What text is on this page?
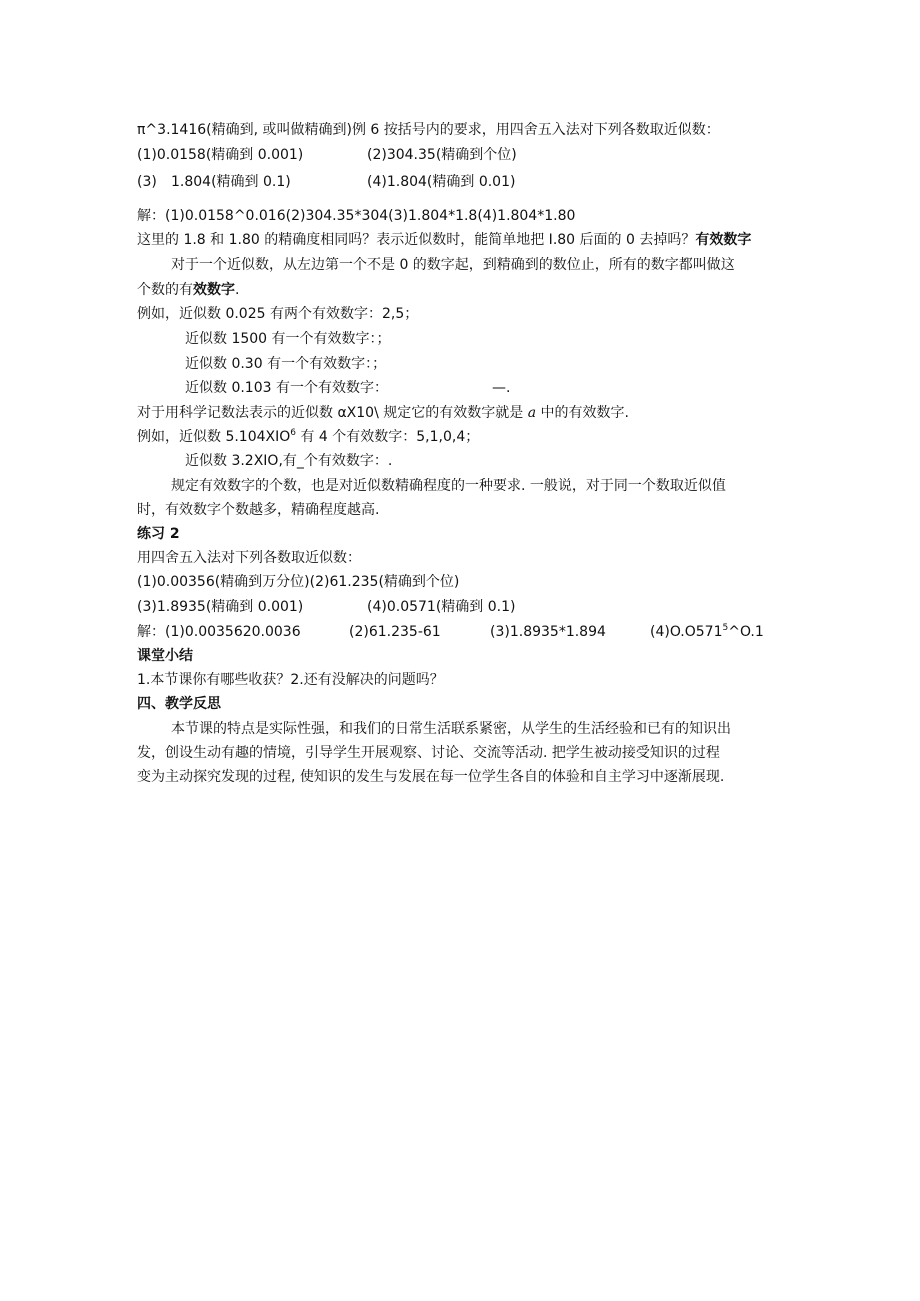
π^3.1416(精确到, 或叫做精确到)例 6 按括号内的要求，用四舍五入法对下列各数取近似数：
(1)0.0158(精确到 0.001)	(2)304.35(精确到个位)
(3) 1.804(精确到 0.1)	(4)1.804(精确到 0.01)
解：(1)0.0158^0.016(2)304.35*304(3)1.804*1.8(4)1.804*1.80
这里的 1.8 和 1.80 的精确度相同吗？表示近似数时，能简单地把 I.80 后面的 0 去掉吗？有效数字
对于一个近似数，从左边第一个不是 0 的数字起，到精确到的数位止，所有的数字都叫做这
个数的有效数字.
例如，近似数 0.025 有两个有效数字：2,5；
近似数 1500 有一个有效数字：；
近似数 0.30 有一个有效数字：；
近似数 0.103 有一个有效数字：	—.
对于用科学记数法表示的近似数 αX10\ 规定它的有效数字就是 a 中的有效数字.
例如，近似数 5.104XIO$^6$ 有 4 个有效数字：5,1,0,4；
近似数 3.2XIO,有_个有效数字：.
规定有效数字的个数，也是对近似数精确程度的一种要求. 一般说，对于同一个数取近似值
时，有效数字个数越多，精确程度越高.
练习 2
用四舍五入法对下列各数取近似数：
(1)0.00356(精确到万分位)(2)61.235(精确到个位)
(3)1.8935(精确到 0.001)	(4)0.0571(精确到 0.1)
解：(1)0.0035620.0036	(2)61.235-61	(3)1.8935*1.894	$(4)O.O571^5\^{}O.1$
课堂小结
1.本节课你有哪些收获？2.还有没解决的问题吗？
四、教学反思
本节课的特点是实际性强，和我们的日常生活联系紧密，从学生的生活经验和已有的知识出
发，创设生动有趣的情境，引导学生开展观察、讨论、交流等活动. 把学生被动接受知识的过程
变为主动探究发现的过程, 使知识的发生与发展在每一位学生各自的体验和自主学习中逐渐展现.
